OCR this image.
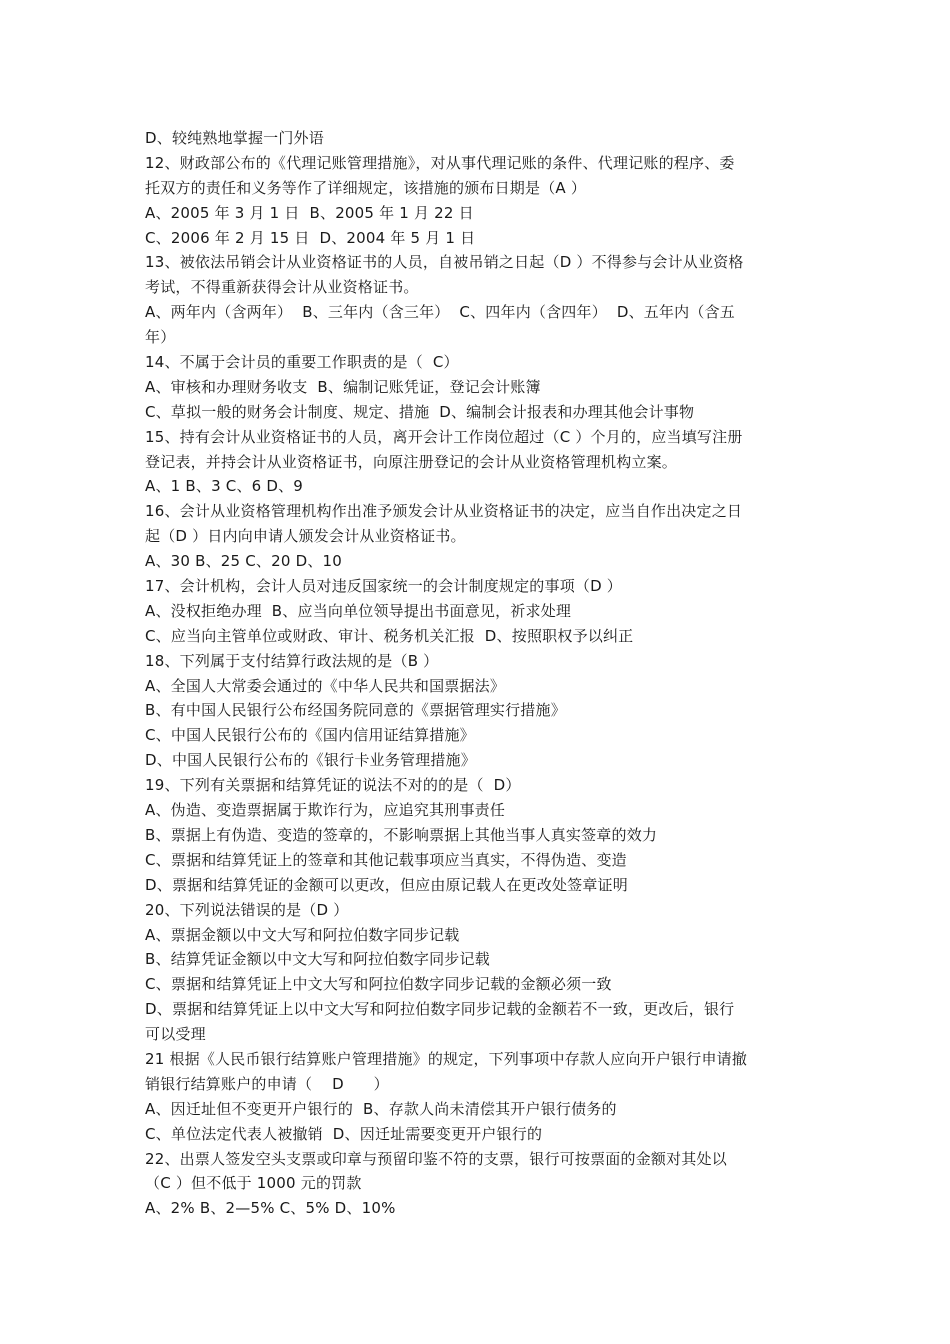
D、较纯熟地掌握一门外语
12、财政部公布的《代理记账管理措施》，对从事代理记账的条件、代理记账的程序、委
托双方的责任和义务等作了详细规定，该措施的颁布日期是（A ）
A、2005 年 3 月 1 日  B、2005 年 1 月 22 日
C、2006 年 2 月 15 日  D、2004 年 5 月 1 日
13、被依法吊销会计从业资格证书的人员，自被吊销之日起（D ）不得参与会计从业资格
考试，不得重新获得会计从业资格证书。
A、两年内（含两年）  B、三年内（含三年）  C、四年内（含四年）  D、五年内（含五
年）
14、不属于会计员的重要工作职责的是（  C）
A、审核和办理财务收支  B、编制记账凭证，登记会计账簿
C、草拟一般的财务会计制度、规定、措施  D、编制会计报表和办理其他会计事物
15、持有会计从业资格证书的人员，离开会计工作岗位超过（C ）个月的，应当填写注册
登记表，并持会计从业资格证书，向原注册登记的会计从业资格管理机构立案。
A、1 B、3 C、6 D、9
16、会计从业资格管理机构作出准予颁发会计从业资格证书的决定，应当自作出决定之日
起（D ）日内向申请人颁发会计从业资格证书。
A、30 B、25 C、20 D、10
17、会计机构，会计人员对违反国家统一的会计制度规定的事项（D ）
A、没权拒绝办理  B、应当向单位领导提出书面意见，祈求处理
C、应当向主管单位或财政、审计、税务机关汇报  D、按照职权予以纠正
18、下列属于支付结算行政法规的是（B ）
A、全国人大常委会通过的《中华人民共和国票据法》
B、有中国人民银行公布经国务院同意的《票据管理实行措施》
C、中国人民银行公布的《国内信用证结算措施》
D、中国人民银行公布的《银行卡业务管理措施》
19、下列有关票据和结算凭证的说法不对的的是（  D）
A、伪造、变造票据属于欺诈行为，应追究其刑事责任
B、票据上有伪造、变造的签章的，不影响票据上其他当事人真实签章的效力
C、票据和结算凭证上的签章和其他记载事项应当真实，不得伪造、变造
D、票据和结算凭证的金额可以更改，但应由原记载人在更改处签章证明
20、下列说法错误的是（D ）
A、票据金额以中文大写和阿拉伯数字同步记载
B、结算凭证金额以中文大写和阿拉伯数字同步记载
C、票据和结算凭证上中文大写和阿拉伯数字同步记载的金额必须一致
D、票据和结算凭证上以中文大写和阿拉伯数字同步记载的金额若不一致，更改后，银行
可以受理
21 根据《人民币银行结算账户管理措施》的规定，下列事项中存款人应向开户银行申请撤
销银行结算账户的申请（    D      ）
A、因迁址但不变更开户银行的  B、存款人尚未清偿其开户银行债务的
C、单位法定代表人被撤销  D、因迁址需要变更开户银行的
22、出票人签发空头支票或印章与预留印鉴不符的支票，银行可按票面的金额对其处以
（C ）但不低于 1000 元的罚款
A、2% B、2—5% C、5% D、10%
